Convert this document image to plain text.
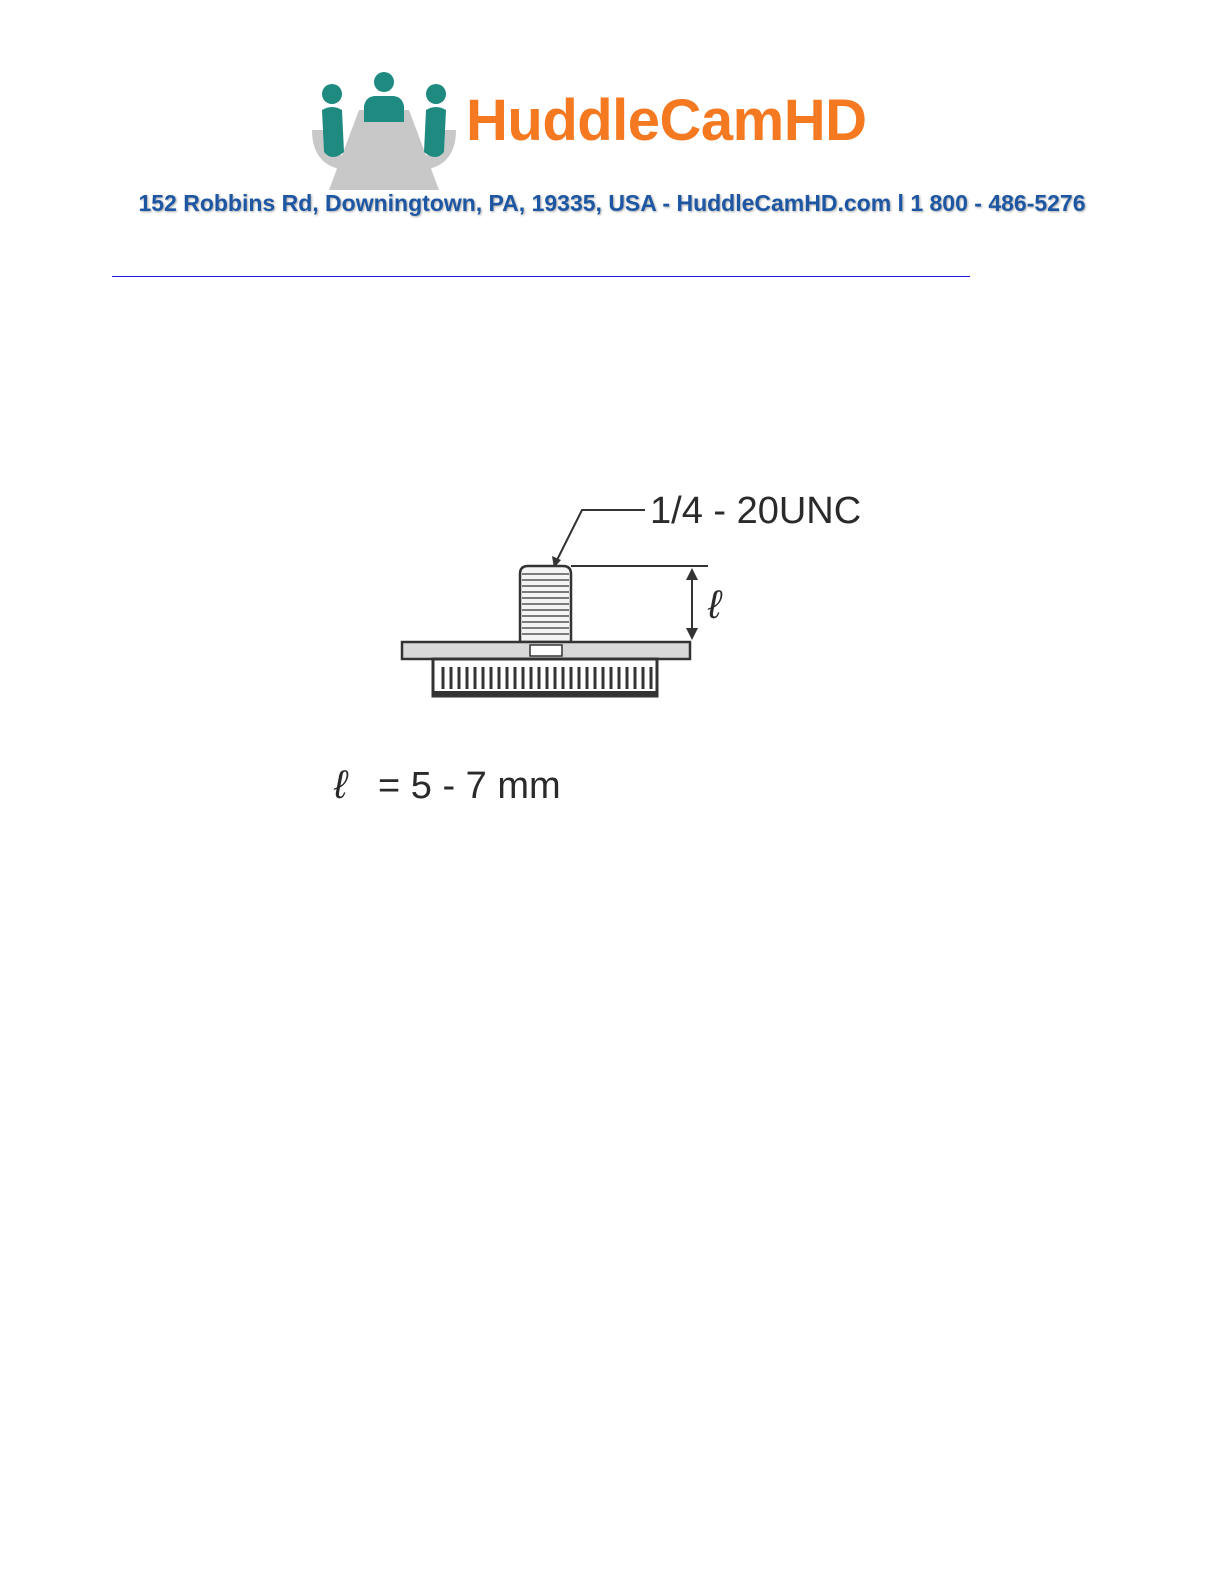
HuddleCamHD
152 Robbins Rd, Downingtown, PA, 19335, USA - HuddleCamHD.com l 1 800 - 486-5276
1/4 - 20UNC
ℓ
ℓ = 5 - 7 mm
